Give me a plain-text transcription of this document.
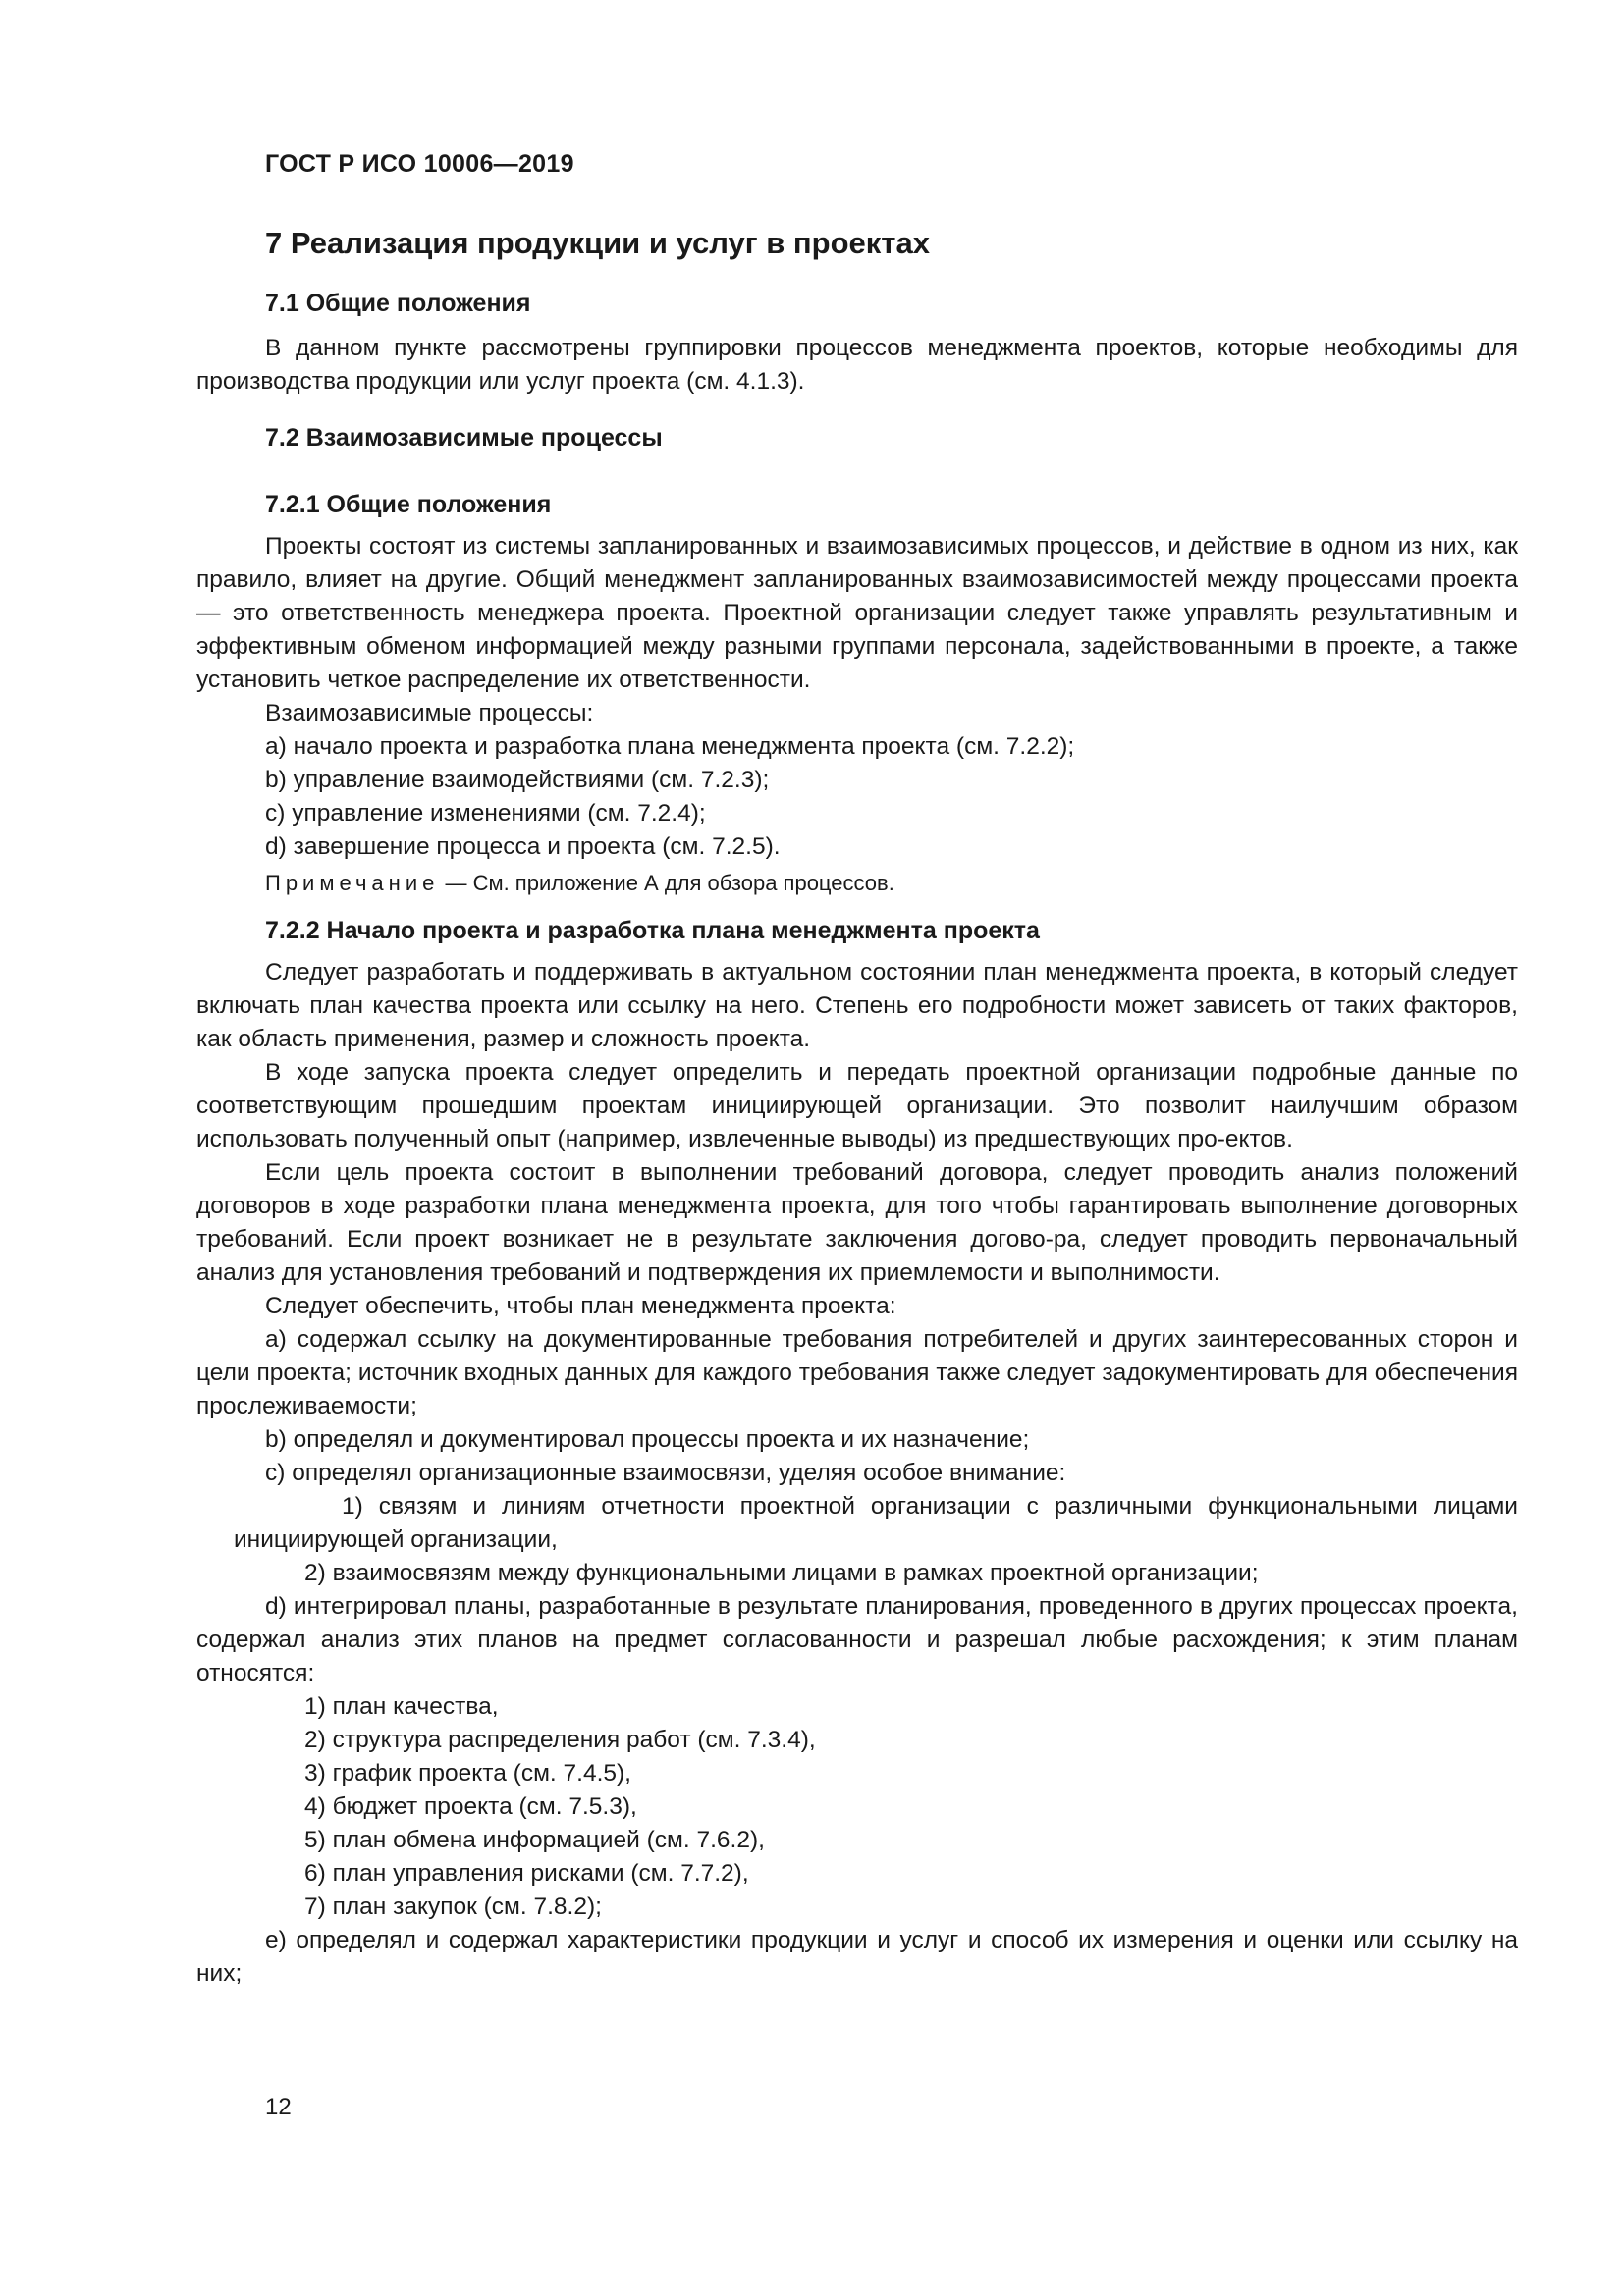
ГОСТ Р ИСО 10006—2019

7 Реализация продукции и услуг в проектах
7.1 Общие положения

В данном пункте рассмотрены группировки процессов менеджмента проектов, которые необходимы для производства продукции или услуг проекта (см. 4.1.3).

7.2 Взаимозависимые процессы
7.2.1 Общие положения

Проекты состоят из системы запланированных и взаимозависимых процессов, и действие в одном из них, как правило, влияет на другие. Общий менеджмент запланированных взаимозависимостей между процессами проекта — это ответственность менеджера проекта. Проектной организации следует также управлять результативным и эффективным обменом информацией между разными группами персонала, задействованными в проекте, а также установить четкое распределение их ответственности.

Взаимозависимые процессы:

a) начало проекта и разработка плана менеджмента проекта (см. 7.2.2);

b) управление взаимодействиями (см. 7.2.3);

c) управление изменениями (см. 7.2.4);

d) завершение процесса и проекта (см. 7.2.5).

Примечание — См. приложение А для обзора процессов.

7.2.2 Начало проекта и разработка плана менеджмента проекта

Следует разработать и поддерживать в актуальном состоянии план менеджмента проекта, в который следует включать план качества проекта или ссылку на него. Степень его подробности может зависеть от таких факторов, как область применения, размер и сложность проекта.

В ходе запуска проекта следует определить и передать проектной организации подробные данные по соответствующим прошедшим проектам инициирующей организации. Это позволит наилучшим образом использовать полученный опыт (например, извлеченные выводы) из предшествующих про-ектов.

Если цель проекта состоит в выполнении требований договора, следует проводить анализ положений договоров в ходе разработки плана менеджмента проекта, для того чтобы гарантировать выполнение договорных требований. Если проект возникает не в результате заключения догово-ра, следует проводить первоначальный анализ для установления требований и подтверждения их приемлемости и выполнимости.

Следует обеспечить, чтобы план менеджмента проекта:

a) содержал ссылку на документированные требования потребителей и других заинтересованных сторон и цели проекта; источник входных данных для каждого требования также следует задокументировать для обеспечения прослеживаемости;

b) определял и документировал процессы проекта и их назначение;

c) определял организационные взаимосвязи, уделяя особое внимание:

1) связям и линиям отчетности проектной организации с различными функциональными лицами инициирующей организации,

2) взаимосвязям между функциональными лицами в рамках проектной организации;

d) интегрировал планы, разработанные в результате планирования, проведенного в других процессах проекта, содержал анализ этих планов на предмет согласованности и разрешал любые расхождения; к этим планам относятся:

1) план качества,

2) структура распределения работ (см. 7.3.4),

3) график проекта (см. 7.4.5),

4) бюджет проекта (см. 7.5.3),

5) план обмена информацией (см. 7.6.2),

6) план управления рисками (см. 7.7.2),

7) план закупок (см. 7.8.2);

e) определял и содержал характеристики продукции и услуг и способ их измерения и оценки или ссылку на них;

12
